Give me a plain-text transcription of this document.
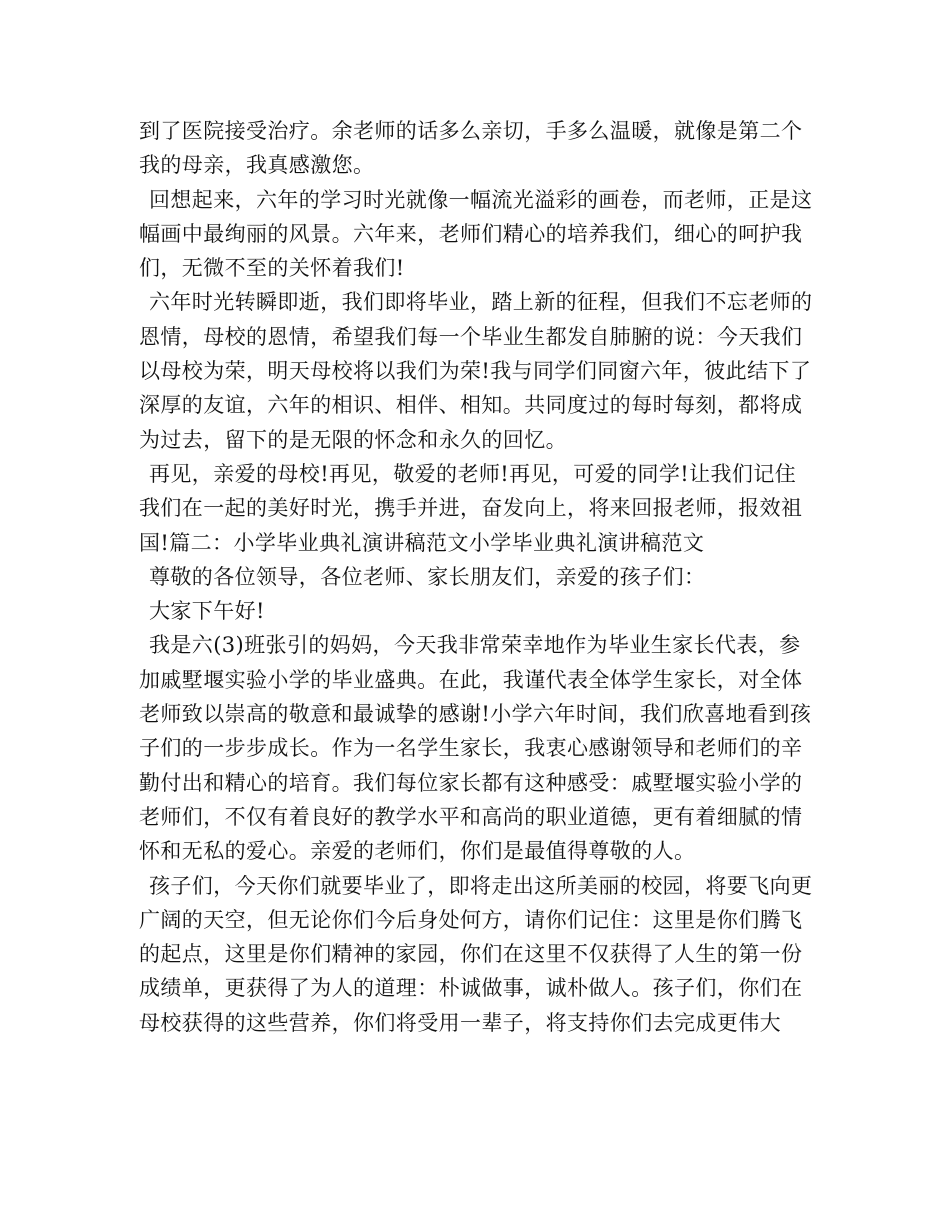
到了医院接受治疗。余老师的话多么亲切，手多么温暖，就像是第二个我的母亲，我真感激您。

回想起来，六年的学习时光就像一幅流光溢彩的画卷，而老师，正是这幅画中最绚丽的风景。六年来，老师们精心的培养我们，细心的呵护我们，无微不至的关怀着我们!

六年时光转瞬即逝，我们即将毕业，踏上新的征程，但我们不忘老师的恩情，母校的恩情，希望我们每一个毕业生都发自肺腑的说：今天我们以母校为荣，明天母校将以我们为荣!我与同学们同窗六年，彼此结下了深厚的友谊，六年的相识、相伴、相知。共同度过的每时每刻，都将成为过去，留下的是无限的怀念和永久的回忆。

再见，亲爱的母校!再见，敬爱的老师!再见，可爱的同学!让我们记住我们在一起的美好时光，携手并进，奋发向上，将来回报老师，报效祖国!篇二：小学毕业典礼演讲稿范文小学毕业典礼演讲稿范文

尊敬的各位领导，各位老师、家长朋友们，亲爱的孩子们：

大家下午好!

我是六(3)班张引的妈妈，今天我非常荣幸地作为毕业生家长代表，参加戚墅堰实验小学的毕业盛典。在此，我谨代表全体学生家长，对全体老师致以崇高的敬意和最诚挚的感谢!小学六年时间，我们欣喜地看到孩子们的一步步成长。作为一名学生家长，我衷心感谢领导和老师们的辛勤付出和精心的培育。我们每位家长都有这种感受：戚墅堰实验小学的老师们，不仅有着良好的教学水平和高尚的职业道德，更有着细腻的情怀和无私的爱心。亲爱的老师们，你们是最值得尊敬的人。

孩子们，今天你们就要毕业了，即将走出这所美丽的校园，将要飞向更广阔的天空，但无论你们今后身处何方，请你们记住：这里是你们腾飞的起点，这里是你们精神的家园，你们在这里不仅获得了人生的第一份成绩单，更获得了为人的道理：朴诚做事，诚朴做人。孩子们，你们在母校获得的这些营养，你们将受用一辈子，将支持你们去完成更伟大
